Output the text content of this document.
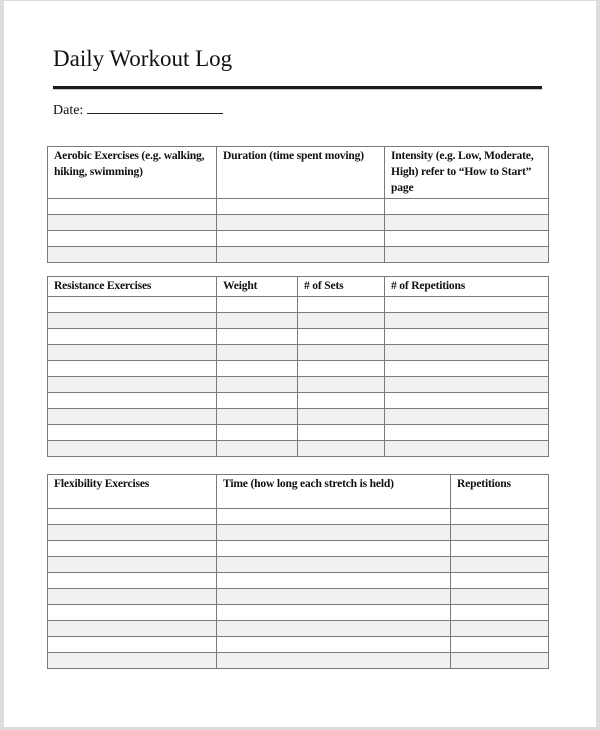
Daily Workout Log
Date:
Aerobic Exercises (e.g. walking, hiking, swimming)	Duration (time spent moving)	Intensity (e.g. Low, Moderate, High) refer to “How to Start” page

Resistance Exercises	Weight	# of Sets	# of Repetitions

Flexibility Exercises	Time (how long each stretch is held)	Repetitions
